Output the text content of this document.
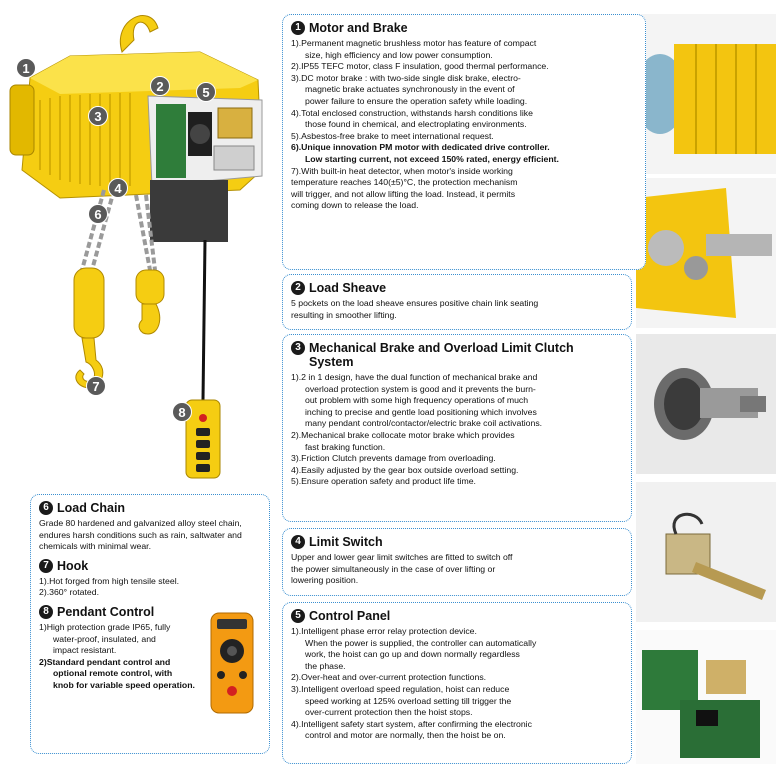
1
2
3
4
5
6
7
8
1 Motor and Brake
1).Permanent magnetic brushless motor has feature of compact
size, high efficiency and low power consumption.
2).IP55 TEFC motor, class F insulation, good thermal performance.
3).DC motor brake : with two-side single disk brake, electro-
magnetic brake actuates synchronously in the event of
power failure to ensure the operation safety while loading.
4).Total enclosed construction, withstands harsh conditions like
those found in chemical, and electroplating environments.
5).Asbestos-free brake to meet international request.
6).Unique innovation PM motor with dedicated drive controller.
Low starting current, not exceed 150% rated, energy efficient.
7).With built-in heat detector, when motor's inside working
temperature reaches 140(±5)°C, the protection mechanism
will trigger, and not allow lifting the load. Instead, it permits
coming down to release the load.
2 Load Sheave
5 pockets on the load sheave ensures positive chain link seating
resulting in smoother lifting.
3 Mechanical Brake and Overload Limit Clutch System
1).2 in 1 design, have the dual function of mechanical brake and
overload protection system is good and it prevents the burn-
out problem with some high frequency operations of much
inching to precise and gentle load positioning which involves
many pendant control/contactor/electric brake coil activations.
2).Mechanical brake collocate motor brake which provides
fast braking function.
3).Friction Clutch prevents damage from overloading.
4).Easily adjusted by the gear box outside overload setting.
5).Ensure operation safety and product life time.
4 Limit Switch
Upper and lower gear limit switches are fitted to switch off
the power simultaneously in the case of over lifting or
lowering position.
5 Control Panel
1).Intelligent phase error relay protection device.
When the power is supplied, the controller can automatically
work, the hoist can go up and down normally regardless
the phase.
2).Over-heat and over-current protection functions.
3).Intelligent overload speed regulation, hoist can reduce
speed working at 125% overload setting till trigger the
over-current protection then the hoist stops.
4).Intelligent safety start system, after confirming the electronic
control and motor are normally, then the hoist be on.
6 Load Chain
Grade 80 hardened and galvanized alloy steel chain,
endures harsh conditions such as rain, saltwater and
chemicals with minimal wear.
7 Hook
1).Hot forged from high tensile steel.
2).360° rotated.
8 Pendant Control
1)High protection grade IP65, fully
water-proof, insulated, and
impact resistant.
2)Standard pendant control and
optional remote control, with
knob for variable speed operation.
